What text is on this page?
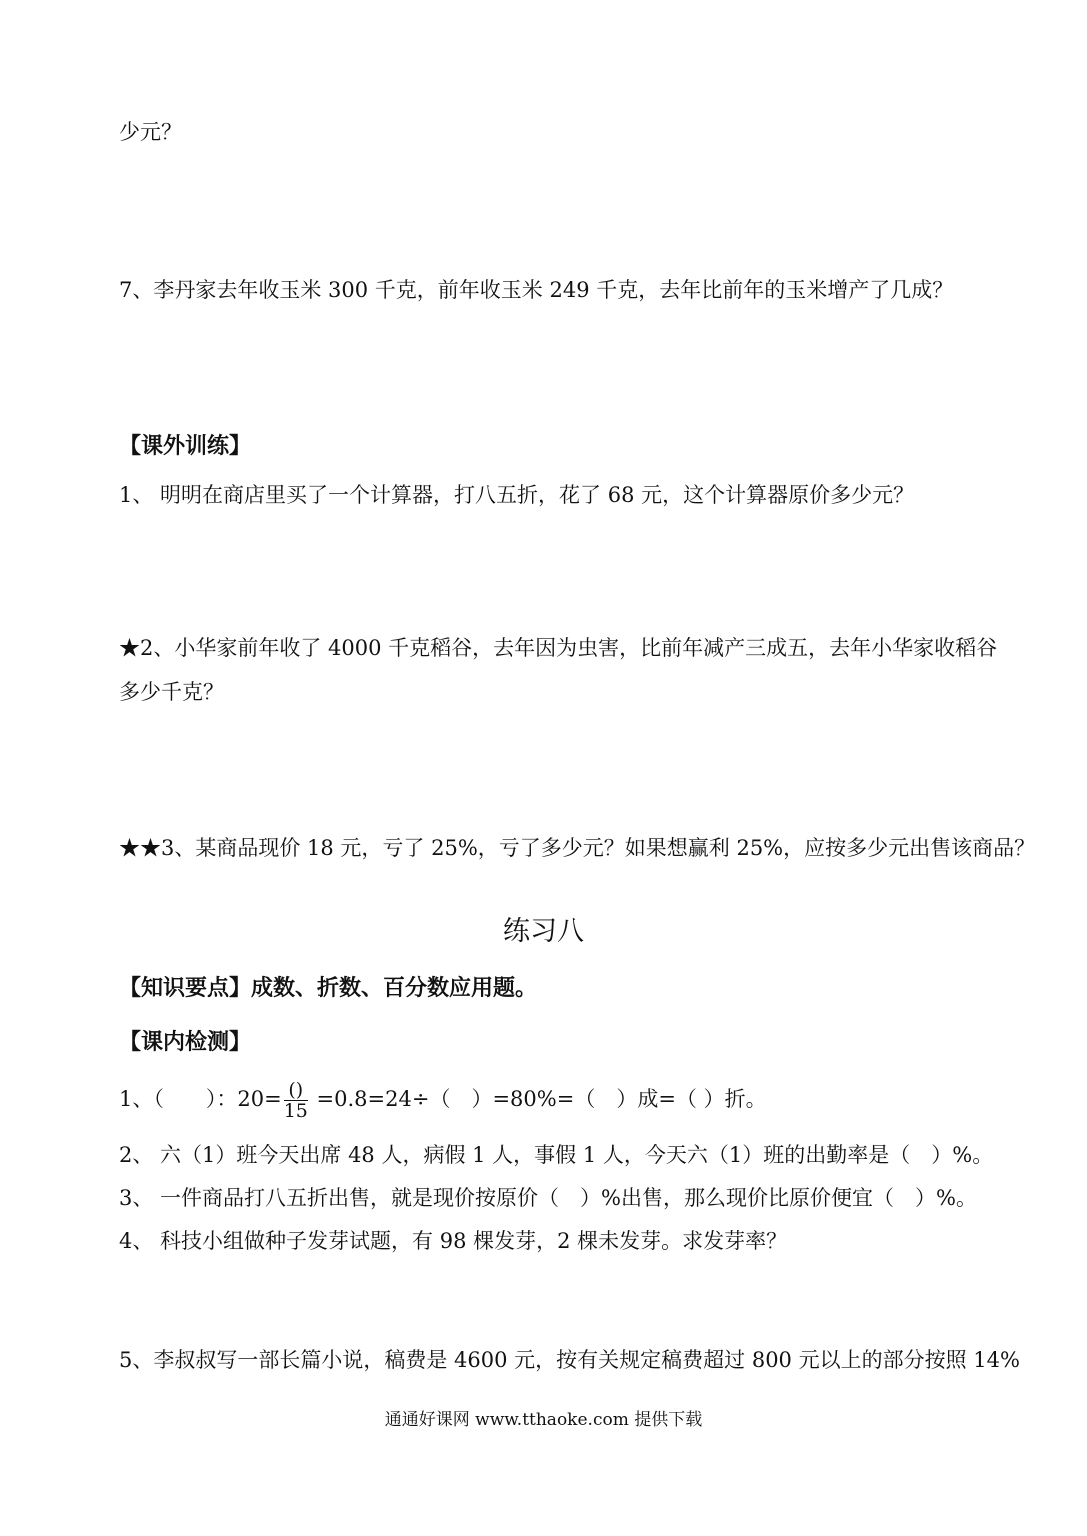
少元？
7、李丹家去年收玉米 300 千克，前年收玉米 249 千克，去年比前年的玉米增产了几成？
【课外训练】
1、 明明在商店里买了一个计算器，打八五折，花了 68 元，这个计算器原价多少元？
★2、小华家前年收了 4000 千克稻谷，去年因为虫害，比前年减产三成五，去年小华家收稻谷
多少千克？
★★3、某商品现价 18 元，亏了 25%，亏了多少元？如果想赢利 25%，应按多少元出售该商品？
练习八
【知识要点】成数、折数、百分数应用题。
【课内检测】
1、（　　）：$20= \frac{()}{15} =0.8=24\div$（　）=80%=（　）成=（ ）折。
2、 六（1）班今天出席 48 人，病假 1 人，事假 1 人，今天六（1）班的出勤率是（　）%。
3、 一件商品打八五折出售，就是现价按原价（　）%出售，那么现价比原价便宜（　）%。
4、 科技小组做种子发芽试题，有 98 棵发芽，2 棵未发芽。求发芽率？
5、李叔叔写一部长篇小说，稿费是 4600 元，按有关规定稿费超过 800 元以上的部分按照 14%
通通好课网 www.tthaoke.com 提供下载
